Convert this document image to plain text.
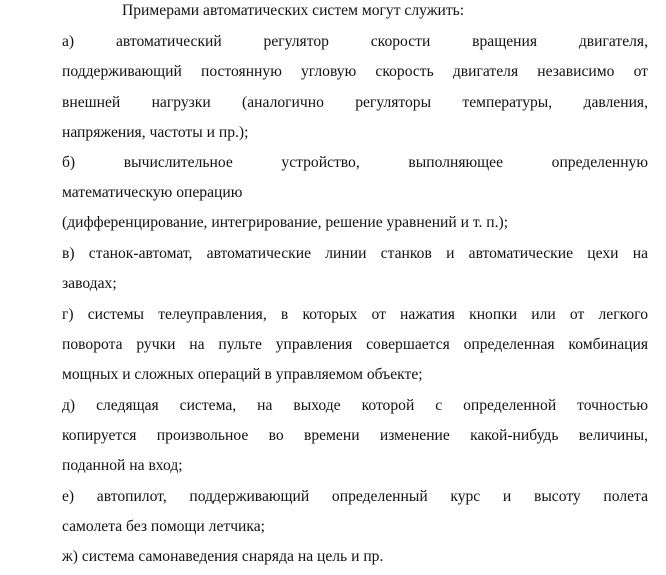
Примерами автоматических систем могут служить:
а) автоматический регулятор скорости вращения двигателя,
поддерживающий постоянную угловую скорость двигателя независимо от
внешней нагрузки (аналогично регуляторы температуры, давления,
напряжения, частоты и пр.);
б) вычислительное устройство, выполняющее определенную
математическую операцию
(дифференцирование, интегрирование, решение уравнений и т. п.);
в) станок-автомат, автоматические линии станков и автоматические цехи на
заводах;
г) системы телеуправления, в которых от нажатия кнопки или от легкого
поворота ручки на пульте управления совершается определенная комбинация
мощных и сложных операций в управляемом объекте;
д) следящая система, на выходе которой с определенной точностью
копируется произвольное во времени изменение какой-нибудь величины,
поданной на вход;
е) автопилот, поддерживающий определенный курс и высоту полета
самолета без помощи летчика;
ж) система самонаведения снаряда на цель и пр.
